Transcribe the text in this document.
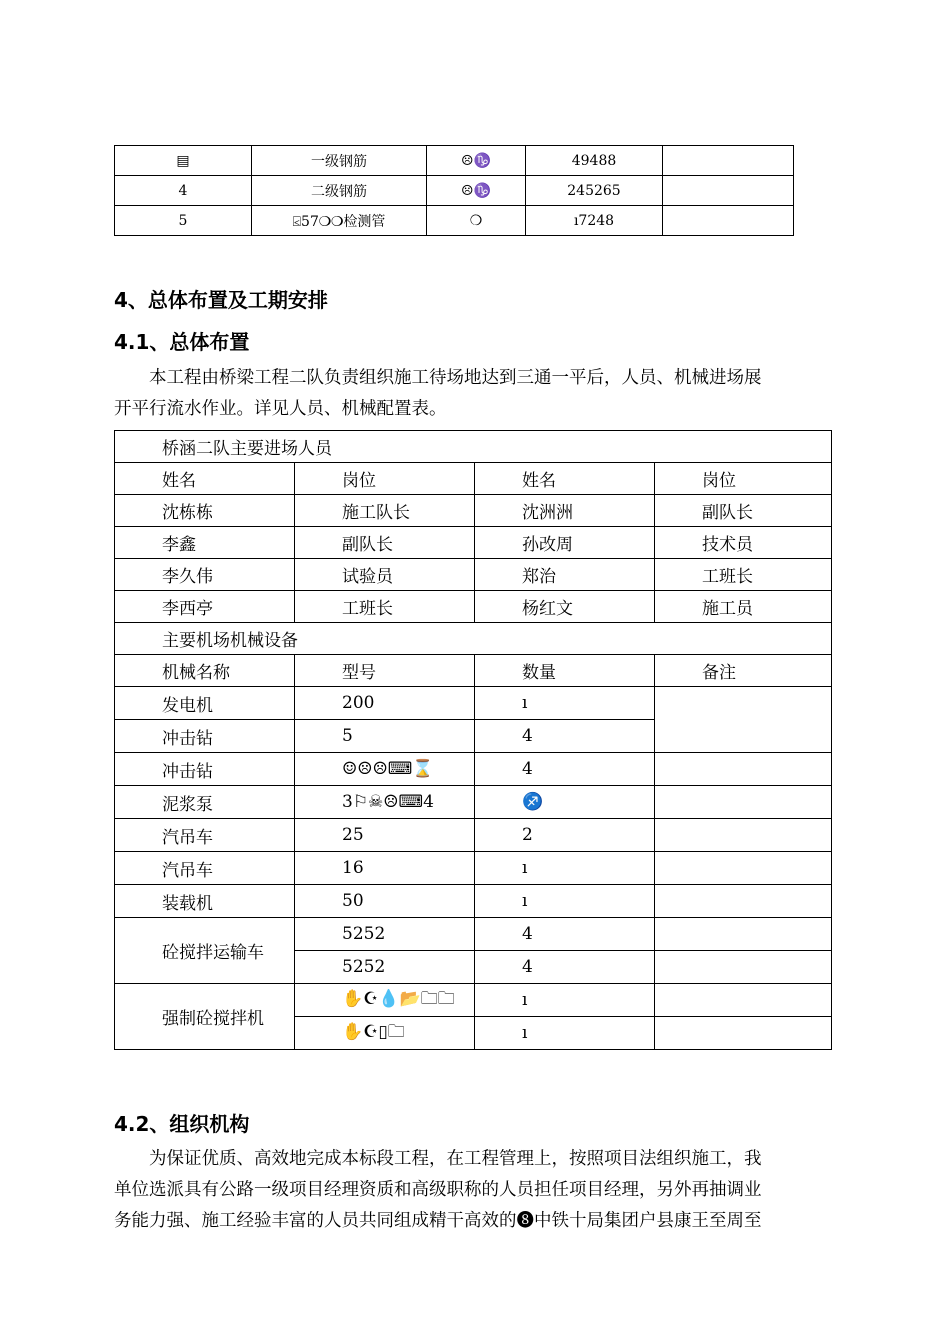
▤	一级钢筋	☹♑	49488	
4	二级钢筋	☹♑	245265	
5	⍃57❍❍检测管	❍	ı7248	
4、总体布置及工期安排
4.1、总体布置

本工程由桥梁工程二队负责组织施工待场地达到三通一平后，人员、机械进场展
开平行流水作业。详见人员、机械配置表。

桥涵二队主要进场人员			
姓名	岗位	姓名	岗位
沈栋栋	施工队长	沈洲洲	副队长
李鑫	副队长	孙改周	技术员
李久伟	试验员	郑治	工班长
李西亭	工班长	杨红文	施工员
主要机场机械设备			
机械名称	型号	数量	备注
发电机	200	ı	
冲击钻	5	4	
冲击钻	☺☹☹⌨⌛	4	
泥浆泵	3⚐☠☹⌨4	♐	
汽吊车	25	2	
汽吊车	16	ı	
装载机	50	ı	
砼搅拌运输车	5252	4	
	5252	4	
强制砼搅拌机	✋☪💧📂🗀🗀	ı	
	✋☪▯🗀	ı	
4.2、组织机构

为保证优质、高效地完成本标段工程，在工程管理上，按照项目法组织施工，我
单位选派具有公路一级项目经理资质和高级职称的人员担任项目经理，另外再抽调业
务能力强、施工经验丰富的人员共同组成精干高效的❽中铁十局集团户县康王至周至
